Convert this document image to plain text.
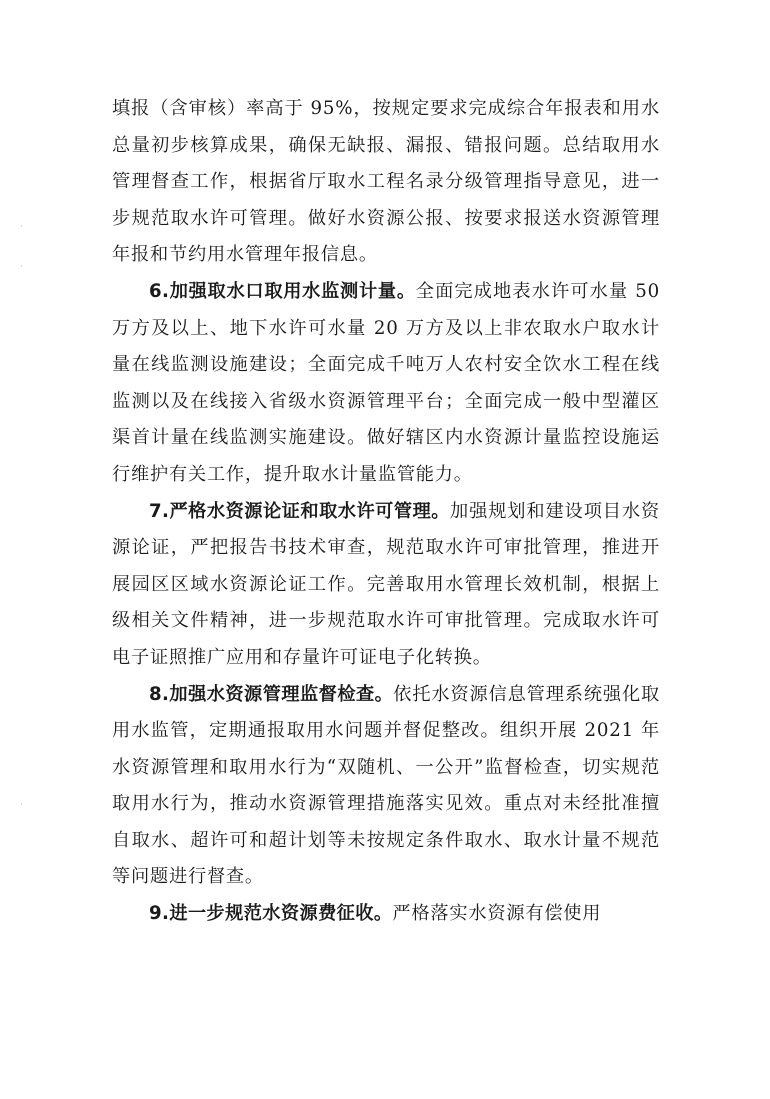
·
·
·

填报（含审核）率高于 95%，按规定要求完成综合年报表和用水总量初步核算成果，确保无缺报、漏报、错报问题。总结取用水管理督查工作，根据省厅取水工程名录分级管理指导意见，进一步规范取水许可管理。做好水资源公报、按要求报送水资源管理年报和节约用水管理年报信息。

6.加强取水口取用水监测计量。全面完成地表水许可水量 50 万方及以上、地下水许可水量 20 万方及以上非农取水户取水计量在线监测设施建设；全面完成千吨万人农村安全饮水工程在线监测以及在线接入省级水资源管理平台；全面完成一般中型灌区渠首计量在线监测实施建设。做好辖区内水资源计量监控设施运行维护有关工作，提升取水计量监管能力。

7.严格水资源论证和取水许可管理。加强规划和建设项目水资源论证，严把报告书技术审查，规范取水许可审批管理，推进开展园区区域水资源论证工作。完善取用水管理长效机制，根据上级相关文件精神，进一步规范取水许可审批管理。完成取水许可电子证照推广应用和存量许可证电子化转换。

8.加强水资源管理监督检查。依托水资源信息管理系统强化取用水监管，定期通报取用水问题并督促整改。组织开展 2021 年水资源管理和取用水行为“双随机、一公开”监督检查，切实规范取用水行为，推动水资源管理措施落实见效。重点对未经批准擅自取水、超许可和超计划等未按规定条件取水、取水计量不规范等问题进行督查。

9.进一步规范水资源费征收。严格落实水资源有偿使用
